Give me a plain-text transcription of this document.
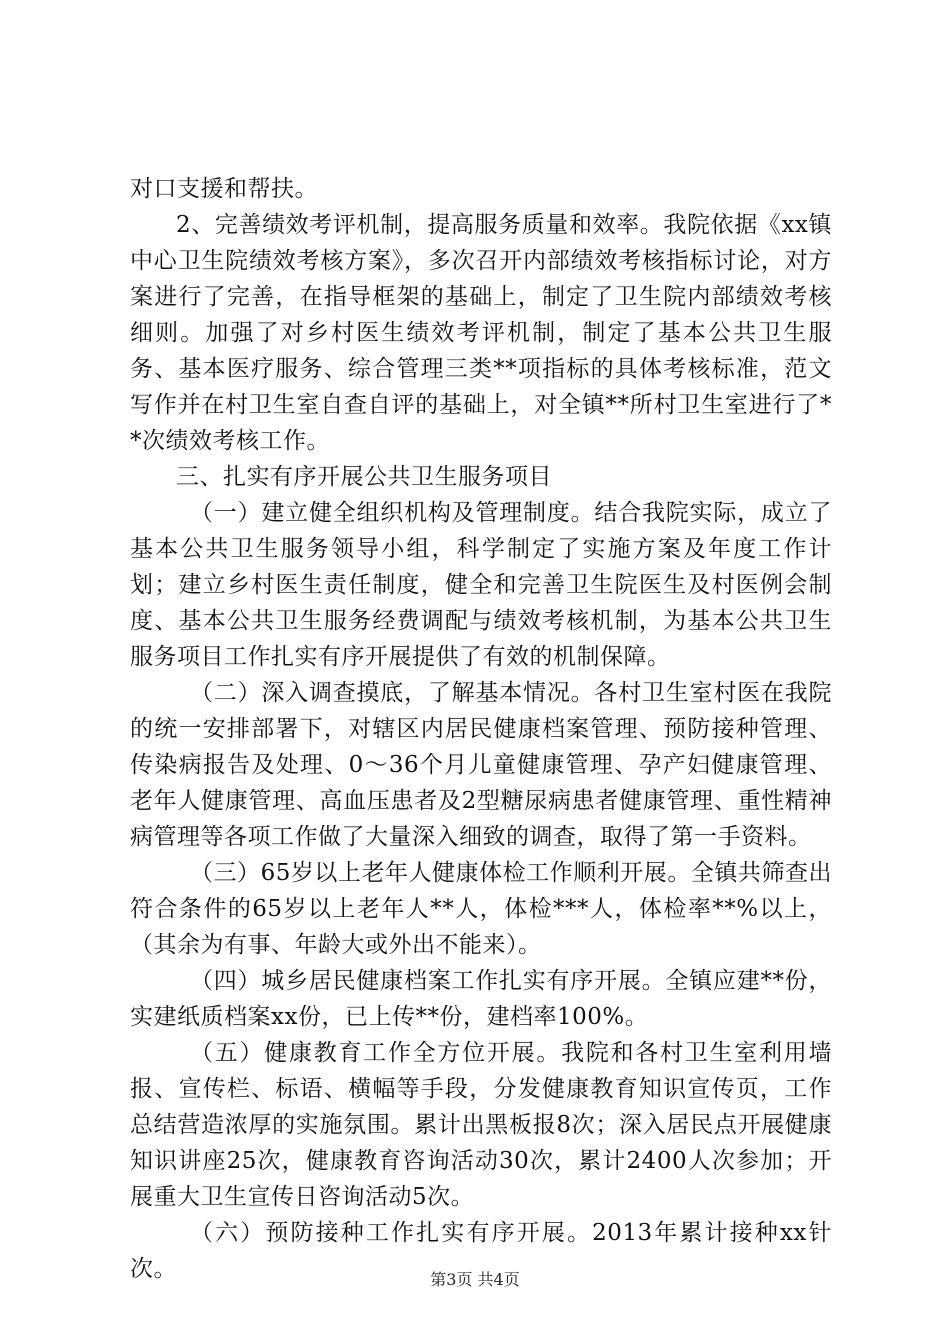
对口支援和帮扶。

2、完善绩效考评机制，提高服务质量和效率。我院依据《xx镇中心卫生院绩效考核方案》，多次召开内部绩效考核指标讨论，对方案进行了完善，在指导框架的基础上，制定了卫生院内部绩效考核细则。加强了对乡村医生绩效考评机制，制定了基本公共卫生服务、基本医疗服务、综合管理三类**项指标的具体考核标准，范文写作并在村卫生室自查自评的基础上，对全镇**所村卫生室进行了**次绩效考核工作。

三、扎实有序开展公共卫生服务项目

（一）建立健全组织机构及管理制度。结合我院实际，成立了基本公共卫生服务领导小组，科学制定了实施方案及年度工作计划；建立乡村医生责任制度，健全和完善卫生院医生及村医例会制度、基本公共卫生服务经费调配与绩效考核机制，为基本公共卫生服务项目工作扎实有序开展提供了有效的机制保障。

（二）深入调查摸底，了解基本情况。各村卫生室村医在我院的统一安排部署下，对辖区内居民健康档案管理、预防接种管理、传染病报告及处理、0～36个月儿童健康管理、孕产妇健康管理、老年人健康管理、高血压患者及2型糖尿病患者健康管理、重性精神病管理等各项工作做了大量深入细致的调查，取得了第一手资料。

（三）65岁以上老年人健康体检工作顺利开展。全镇共筛查出符合条件的65岁以上老年人**人，体检***人，体检率**%以上，（其余为有事、年龄大或外出不能来）。

（四）城乡居民健康档案工作扎实有序开展。全镇应建**份，实建纸质档案xx份，已上传**份，建档率100%。

（五）健康教育工作全方位开展。我院和各村卫生室利用墙报、宣传栏、标语、横幅等手段，分发健康教育知识宣传页，工作总结营造浓厚的实施氛围。累计出黑板报8次；深入居民点开展健康知识讲座25次，健康教育咨询活动30次，累计2400人次参加；开展重大卫生宣传日咨询活动5次。

（六）预防接种工作扎实有序开展。2013年累计接种xx针次。	第3页 共4页
